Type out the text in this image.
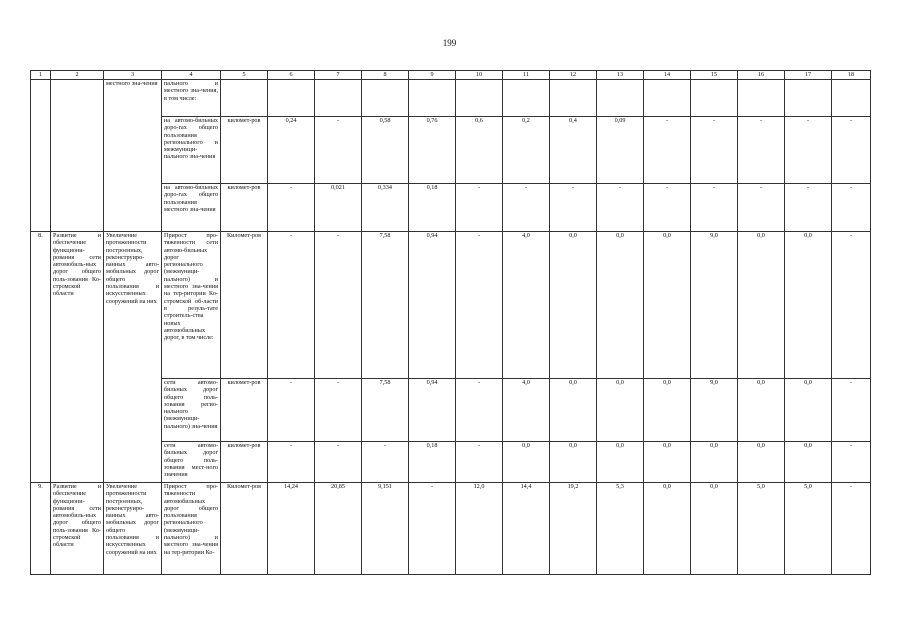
199
1	2	3	4	5	6	7	8	9	10	11	12	13	14	15	16	17	18
		местного зна-чения	пального и местного зна-чения, в том числе:														
			на автомо-бильных доро-гах общего пользования регионального и межмуници-пального зна-чения	километ-ров	0,24	-	0,58	0,76	0,6	0,2	0,4	0,09	-	-	-	-	-
			на автомо-бильных доро-гах общего пользования местного зна-чения	километ-ров	-	0,021	0,334	0,18	-	-	-	-	-	-	-	-	-
8.	Развитие и обеспечение функциони-рования сети автомобиль-ных дорог общего поль-зования Ко-стромской области	Увеличение протяженности построенных, реконструиро-ванных авто-мобильных дорог общего пользования и искусственных сооружений на них	Прирост про-тяженности сети автомо-бильных дорог регионального (межмуници-пального) и местного зна-чения на тер-ритории Ко-стромской об-ласти в резуль-тате строитель-ства новых автомобильных дорог, в том числе:	Километ-ров	-	-	7,58	0,94	-	4,0	0,0	0,0	0,0	9,0	0,0	0,0	-
			сети автомо-бильных дорог общего поль-зования регио-нального (межмуници-пального) зна-чения	километ-ров	-	-	7,58	0,94	-	4,0	0,0	0,0	0,0	9,0	0,0	0,0	-
			сети автомо-бильных дорог общего поль-зования мест-ного значения	километ-ров	-	-	-	0,18	-	0,0	0,0	0,0	0,0	0,0	0,0	0,0	-
9.	Развитие и обеспечение функциони-рования сети автомобиль-ных дорог общего поль-зования Ко-стромской области	Увеличение протяженности построенных, реконструиро-ванных авто-мобильных дорог общего пользования и искусственных сооружений на них	Прирост про-тяженности автомобильных дорог общего пользования регионального (межмуници-пального) и местного зна-чения на тер-ритории Ко-	Километ-ров	14,24	20,85	9,151	-	12,0	14,4	19,2	5,3	0,0	0,0	5,0	5,0	-
